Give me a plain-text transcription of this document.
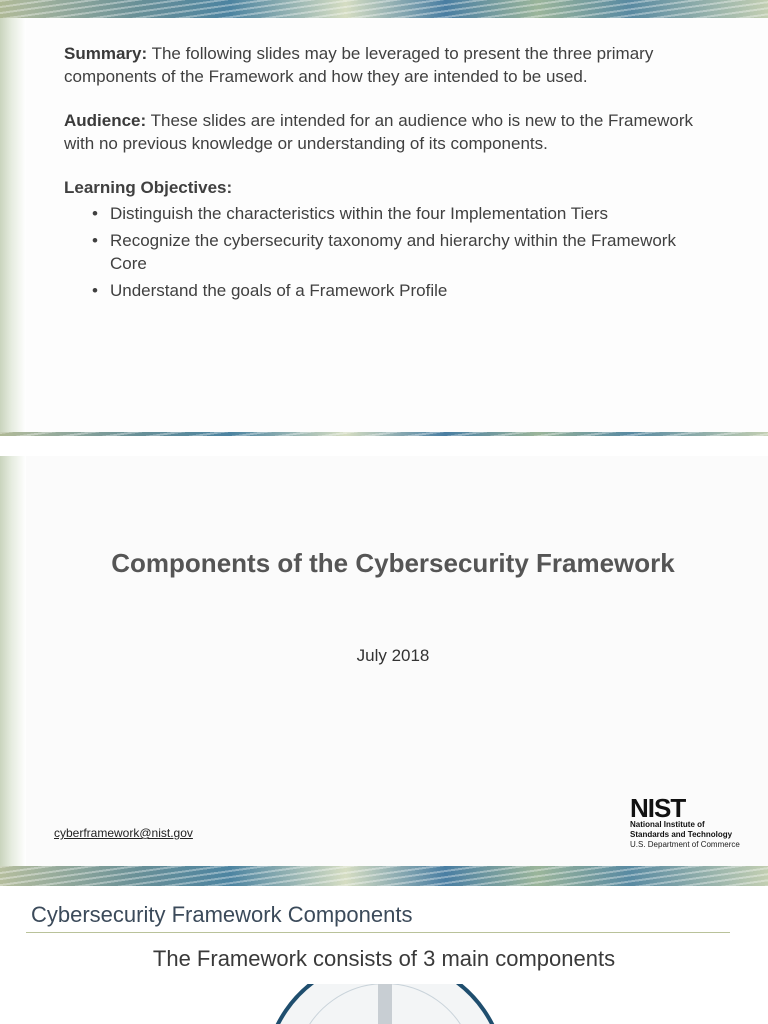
Summary: The following slides may be leveraged to present the three primary components of the Framework and how they are intended to be used.

Audience: These slides are intended for an audience who is new to the Framework with no previous knowledge or understanding of its components.

Learning Objectives:
• Distinguish the characteristics within the four Implementation Tiers
• Recognize the cybersecurity taxonomy and hierarchy within the Framework Core
• Understand the goals of a Framework Profile
Components of the Cybersecurity Framework
July 2018
cyberframework@nist.gov
NIST
National Institute of
Standards and Technology
U.S. Department of Commerce
Cybersecurity Framework Components
The Framework consists of 3 main components
